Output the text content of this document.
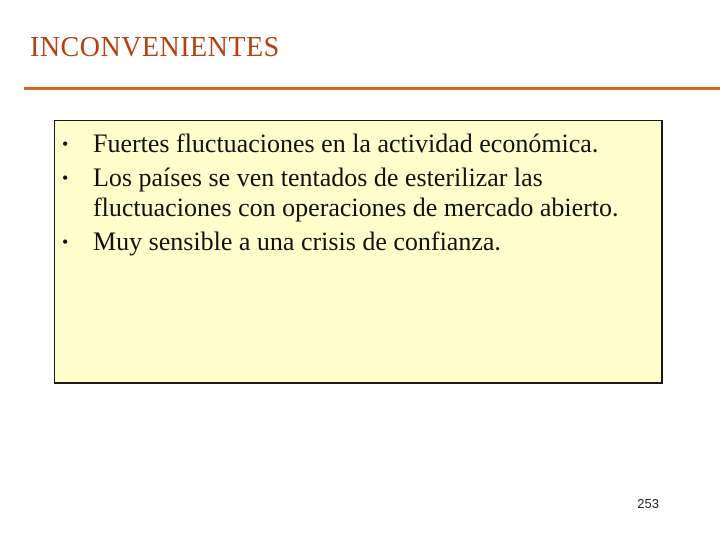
INCONVENIENTES
• Fuertes fluctuaciones en la actividad económica.
• Los países se ven tentados de esterilizar las fluctuaciones con operaciones de mercado abierto.
• Muy sensible a una crisis de confianza.
253
